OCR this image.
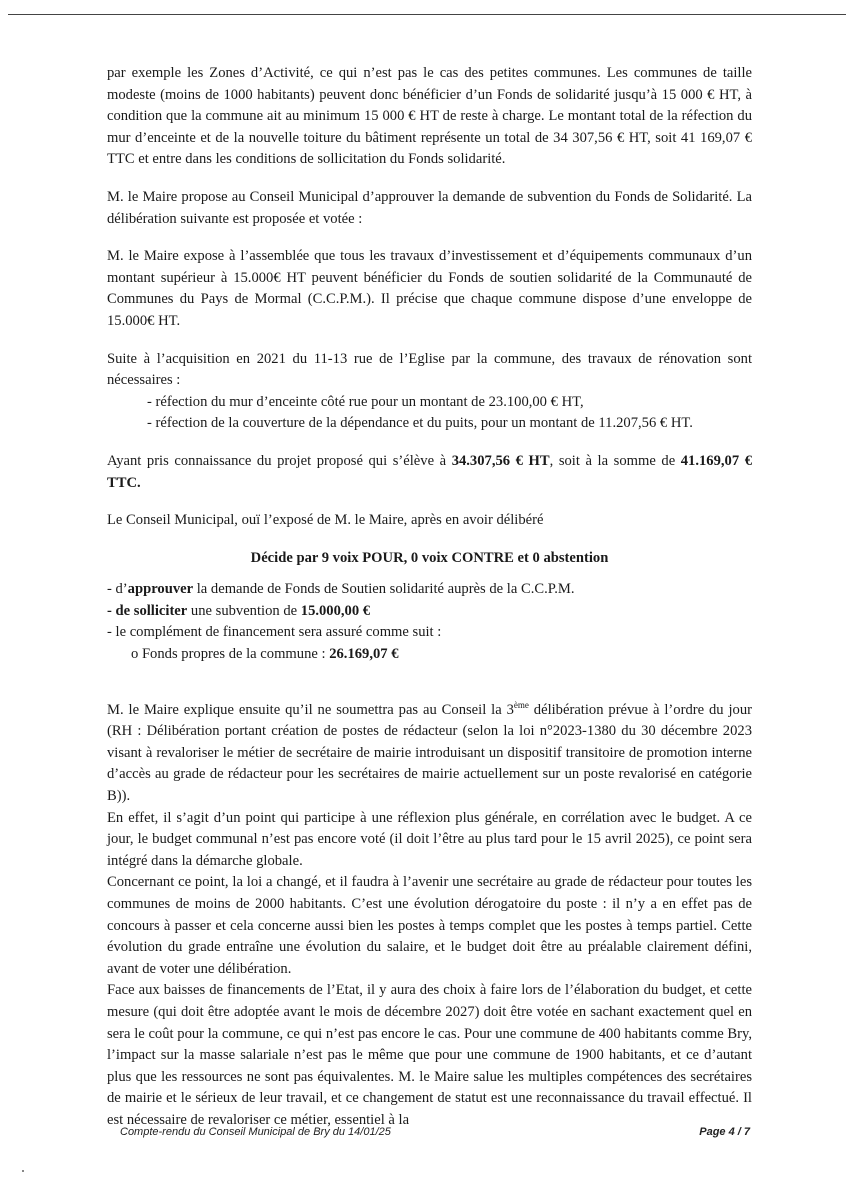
par exemple les Zones d’Activité, ce qui n’est pas le cas des petites communes. Les communes de taille modeste (moins de 1000 habitants) peuvent donc bénéficier d’un Fonds de solidarité jusqu’à 15 000 € HT, à condition que la commune ait au minimum 15 000 € HT de reste à charge. Le montant total de la réfection du mur d’enceinte et de la nouvelle toiture du bâtiment représente un total de 34 307,56 € HT, soit 41 169,07 € TTC et entre dans les conditions de sollicitation du Fonds solidarité.

M. le Maire propose au Conseil Municipal d’approuver la demande de subvention du Fonds de Solidarité. La délibération suivante est proposée et votée :

M. le Maire expose à l’assemblée que tous les travaux d’investissement et d’équipements communaux d’un montant supérieur à 15.000€ HT peuvent bénéficier du Fonds de soutien solidarité de la Communauté de Communes du Pays de Mormal (C.C.P.M.). Il précise que chaque commune dispose d’une enveloppe de 15.000€ HT.

Suite à l’acquisition en 2021 du 11-13 rue de l’Eglise par la commune, des travaux de rénovation sont nécessaires :

- réfection du mur d’enceinte côté rue pour un montant de 23.100,00 € HT,

- réfection de la couverture de la dépendance et du puits, pour un montant de 11.207,56 € HT.

Ayant pris connaissance du projet proposé qui s’élève à 34.307,56 € HT, soit à la somme de 41.169,07 € TTC.

Le Conseil Municipal, ouï l’exposé de M. le Maire, après en avoir délibéré

Décide par 9 voix POUR, 0 voix CONTRE et 0 abstention

- d’approuver la demande de Fonds de Soutien solidarité auprès de la C.C.P.M.

- de solliciter une subvention de 15.000,00 €

- le complément de financement sera assuré comme suit :

o Fonds propres de la commune : 26.169,07 €

M. le Maire explique ensuite qu’il ne soumettra pas au Conseil la 3ème délibération prévue à l’ordre du jour (RH : Délibération portant création de postes de rédacteur (selon la loi n°2023-1380 du 30 décembre 2023 visant à revaloriser le métier de secrétaire de mairie introduisant un dispositif transitoire de promotion interne d’accès au grade de rédacteur pour les secrétaires de mairie actuellement sur un poste revalorisé en catégorie B)).

En effet, il s’agit d’un point qui participe à une réflexion plus générale, en corrélation avec le budget. A ce jour, le budget communal n’est pas encore voté (il doit l’être au plus tard pour le 15 avril 2025), ce point sera intégré dans la démarche globale.

Concernant ce point, la loi a changé, et il faudra à l’avenir une secrétaire au grade de rédacteur pour toutes les communes de moins de 2000 habitants. C’est une évolution dérogatoire du poste : il n’y a en effet pas de concours à passer et cela concerne aussi bien les postes à temps complet que les postes à temps partiel. Cette évolution du grade entraîne une évolution du salaire, et le budget doit être au préalable clairement défini, avant de voter une délibération.

Face aux baisses de financements de l’Etat, il y aura des choix à faire lors de l’élaboration du budget, et cette mesure (qui doit être adoptée avant le mois de décembre 2027) doit être votée en sachant exactement quel en sera le coût pour la commune, ce qui n’est pas encore le cas. Pour une commune de 400 habitants comme Bry, l’impact sur la masse salariale n’est pas le même que pour une commune de 1900 habitants, et ce d’autant plus que les ressources ne sont pas équivalentes. M. le Maire salue les multiples compétences des secrétaires de mairie et le sérieux de leur travail, et ce changement de statut est une reconnaissance du travail effectué. Il est nécessaire de revaloriser ce métier, essentiel à la

Compte-rendu du Conseil Municipal de Bry du 14/01/25	Page 4 / 7
